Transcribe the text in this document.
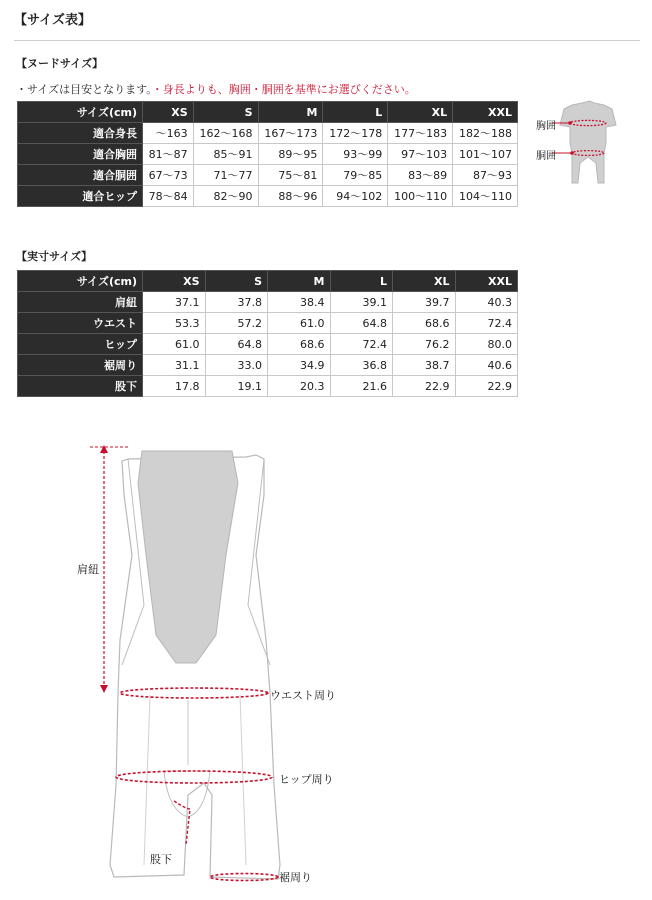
【サイズ表】
【ヌードサイズ】
・サイズは目安となります。・身長よりも、胸囲・胴囲を基準にお選びください。
サイズ(cm)	XS	S	M	L	XL	XXL
適合身長	～163	162～168	167～173	172～178	177～183	182～188
適合胸囲	81～87	85～91	89～95	93～99	97～103	101～107
適合胴囲	67～73	71～77	75～81	79～85	83～89	87～93
適合ヒップ	78～84	82～90	88～96	94～102	100～110	104～110
胸囲
胴囲
【実寸サイズ】
サイズ(cm)	XS	S	M	L	XL	XXL
肩紐	37.1	37.8	38.4	39.1	39.7	40.3
ウエスト	53.3	57.2	61.0	64.8	68.6	72.4
ヒップ	61.0	64.8	68.6	72.4	76.2	80.0
裾周り	31.1	33.0	34.9	36.8	38.7	40.6
股下	17.8	19.1	20.3	21.6	22.9	22.9
肩紐
ウエスト周り
ヒップ周り
股下
裾周り
